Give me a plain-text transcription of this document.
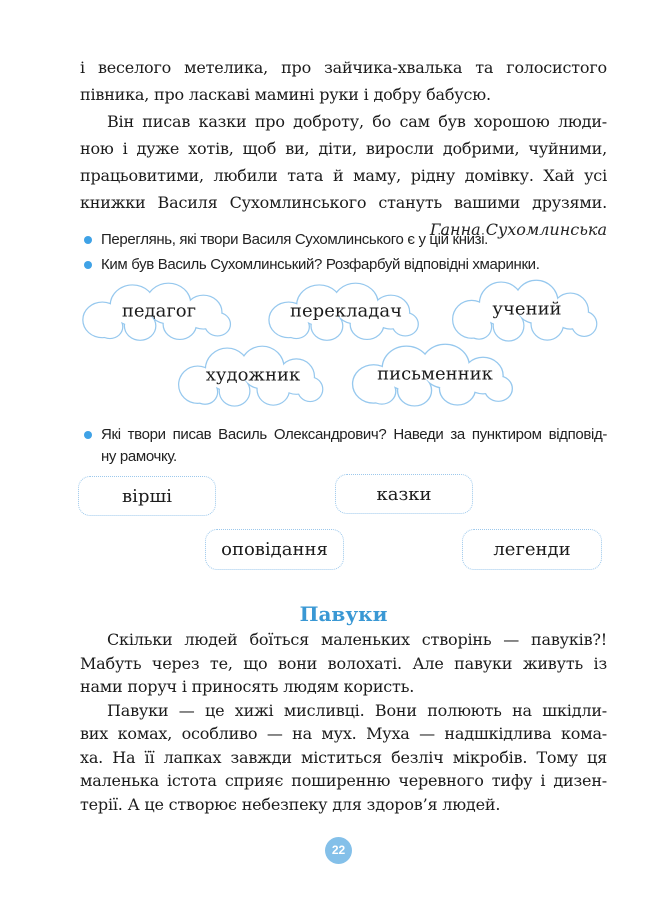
і веселого метелика, про зайчика-хвалька та голосистого
півника, про ласкаві мамині руки і добру бабусю.
Він писав казки про доброту, бо сам був хорошою люди-
ною і дуже хотів, щоб ви, діти, виросли добрими, чуйними,
працьовитими, любили тата й маму, рідну домівку. Хай усі
книжки Василя Сухомлинського стануть вашими друзями.
Ганна Сухомлинська
Переглянь, які твори Василя Сухомлинського є у цій книзі.
Ким був Василь Сухомлинський? Розфарбуй відповідні хмаринки.
педагог	перекладач	учений
художник	письменник
Які твори писав Василь Олександрович? Наведи за пунктиром відповід-
ну рамочку.
вірші	казки
оповідання	легенди
Павуки
Скільки людей боїться маленьких створінь — павуків?!
Мабуть через те, що вони волохаті. Але павуки живуть із
нами поруч і приносять людям користь.
Павуки — це хижі мисливці. Вони полюють на шкідли-
вих комах, особливо — на мух. Муха — надшкідлива кома-
ха. На її лапках завжди міститься безліч мікробів. Тому ця
маленька істота сприяє поширенню черевного тифу і дизен-
терії. А це створює небезпеку для здоров’я людей.
22
